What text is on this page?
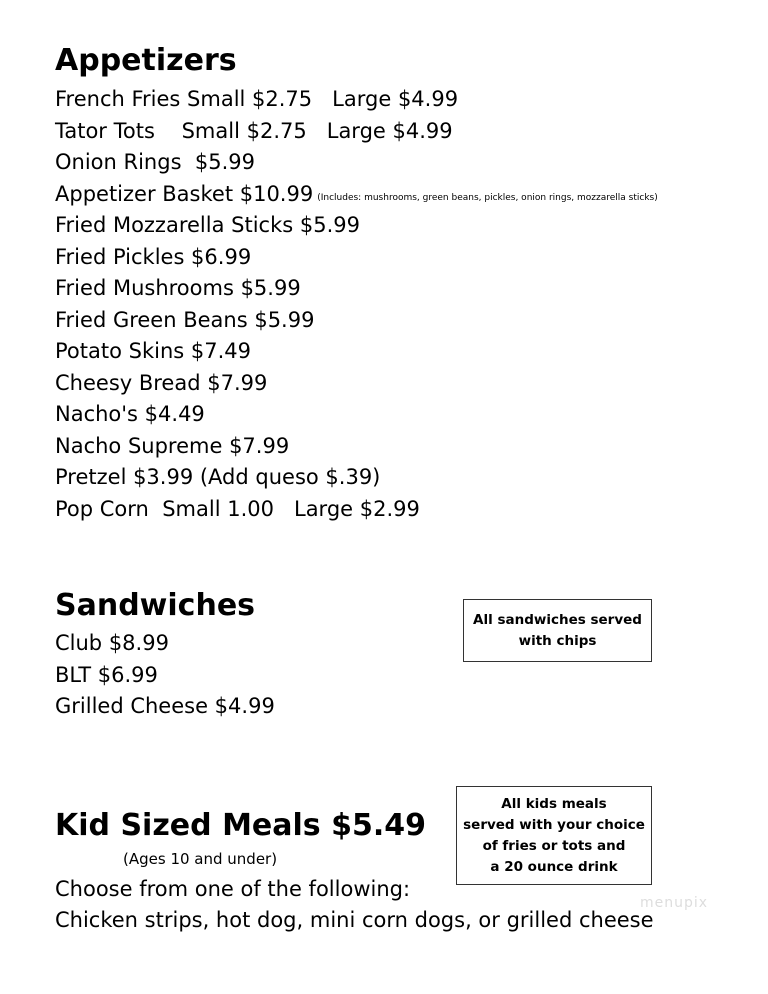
Appetizers
French Fries Small $2.75   Large $4.99
Tator Tots    Small $2.75   Large $4.99
Onion Rings  $5.99
Appetizer Basket $10.99 (Includes: mushrooms, green beans, pickles, onion rings, mozzarella sticks)
Fried Mozzarella Sticks $5.99
Fried Pickles $6.99
Fried Mushrooms $5.99
Fried Green Beans $5.99
Potato Skins $7.49
Cheesy Bread $7.99
Nacho's $4.49
Nacho Supreme $7.99
Pretzel $3.99 (Add queso $.39)
Pop Corn  Small 1.00   Large $2.99
Sandwiches	All sandwiches served
with chips
Club $8.99
BLT $6.99
Grilled Cheese $4.99
Kid Sized Meals $5.49
All kids meals
served with your choice
of fries or tots and
a 20 ounce drink
(Ages 10 and under)
Choose from one of the following:
Chicken strips, hot dog, mini corn dogs, or grilled cheese
menupix
